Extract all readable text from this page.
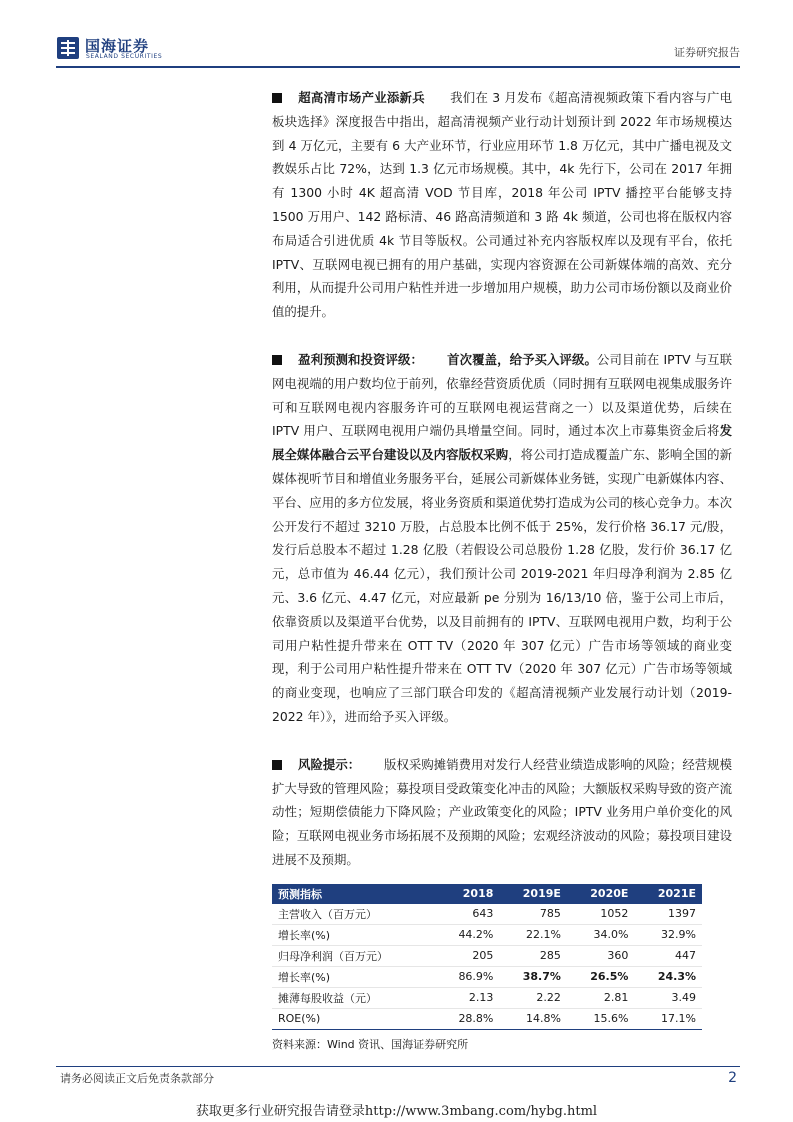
国海证券
SEALAND SECURITIES	证券研究报告

超高清市场产业添新兵 我们在 3 月发布《超高清视频政策下看内容与广电板块选择》深度报告中指出，超高清视频产业行动计划预计到 2022 年市场规模达到 4 万亿元，主要有 6 大产业环节，行业应用环节 1.8 万亿元，其中广播电视及文教娱乐占比 72%，达到 1.3 亿元市场规模。其中，4k 先行下，公司在 2017 年拥有 1300 小时 4K 超高清 VOD 节目库，2018 年公司 IPTV 播控平台能够支持 1500 万用户、142 路标清、46 路高清频道和 3 路 4k 频道，公司也将在版权内容布局适合引进优质 4k 节目等版权。公司通过补充内容版权库以及现有平台，依托 IPTV、互联网电视已拥有的用户基础，实现内容资源在公司新媒体端的高效、充分利用，从而提升公司用户粘性并进一步增加用户规模，助力公司市场份额以及商业价值的提升。

盈利预测和投资评级： 首次覆盖，给予买入评级。公司目前在 IPTV 与互联网电视端的用户数均位于前列，依靠经营资质优质（同时拥有互联网电视集成服务许可和互联网电视内容服务许可的互联网电视运营商之一）以及渠道优势，后续在 IPTV 用户、互联网电视用户端仍具增量空间。同时，通过本次上市募集资金后将发展全媒体融合云平台建设以及内容版权采购，将公司打造成覆盖广东、影响全国的新媒体视听节目和增值业务服务平台，延展公司新媒体业务链，实现广电新媒体内容、平台、应用的多方位发展，将业务资质和渠道优势打造成为公司的核心竞争力。本次公开发行不超过 3210 万股，占总股本比例不低于 25%，发行价格 36.17 元/股，发行后总股本不超过 1.28 亿股（若假设公司总股份 1.28 亿股，发行价 36.17 亿元，总市值为 46.44 亿元），我们预计公司 2019-2021 年归母净利润为 2.85 亿元、3.6 亿元、4.47 亿元，对应最新 pe 分别为 16/13/10 倍，鉴于公司上市后，依靠资质以及渠道平台优势，以及目前拥有的 IPTV、互联网电视用户数，均利于公司用户粘性提升带来在 OTT TV（2020 年 307 亿元）广告市场等领域的商业变现，利于公司用户粘性提升带来在 OTT TV（2020 年 307 亿元）广告市场等领域的商业变现，也响应了三部门联合印发的《超高清视频产业发展行动计划（2019-2022 年）》，进而给予买入评级。

风险提示： 版权采购摊销费用对发行人经营业绩造成影响的风险；经营规模扩大导致的管理风险；募投项目受政策变化冲击的风险；大额版权采购导致的资产流动性；短期偿债能力下降风险；产业政策变化的风险；IPTV 业务用户单价变化的风险；互联网电视业务市场拓展不及预期的风险；宏观经济波动的风险；募投项目建设进展不及预期。

预测指标	2018	2019E	2020E	2021E
主营收入（百万元）	643	785	1052	1397
增长率(%)	44.2%	22.1%	34.0%	32.9%
归母净利润（百万元）	205	285	360	447
增长率(%)	86.9%	38.7%	26.5%	24.3%
摊薄每股收益（元）	2.13	2.22	2.81	3.49
ROE(%)	28.8%	14.8%	15.6%	17.1%
资料来源：Wind 资讯、国海证券研究所
请务必阅读正文后免责条款部分	2
获取更多行业研究报告请登录http://www.3mbang.com/hybg.html
